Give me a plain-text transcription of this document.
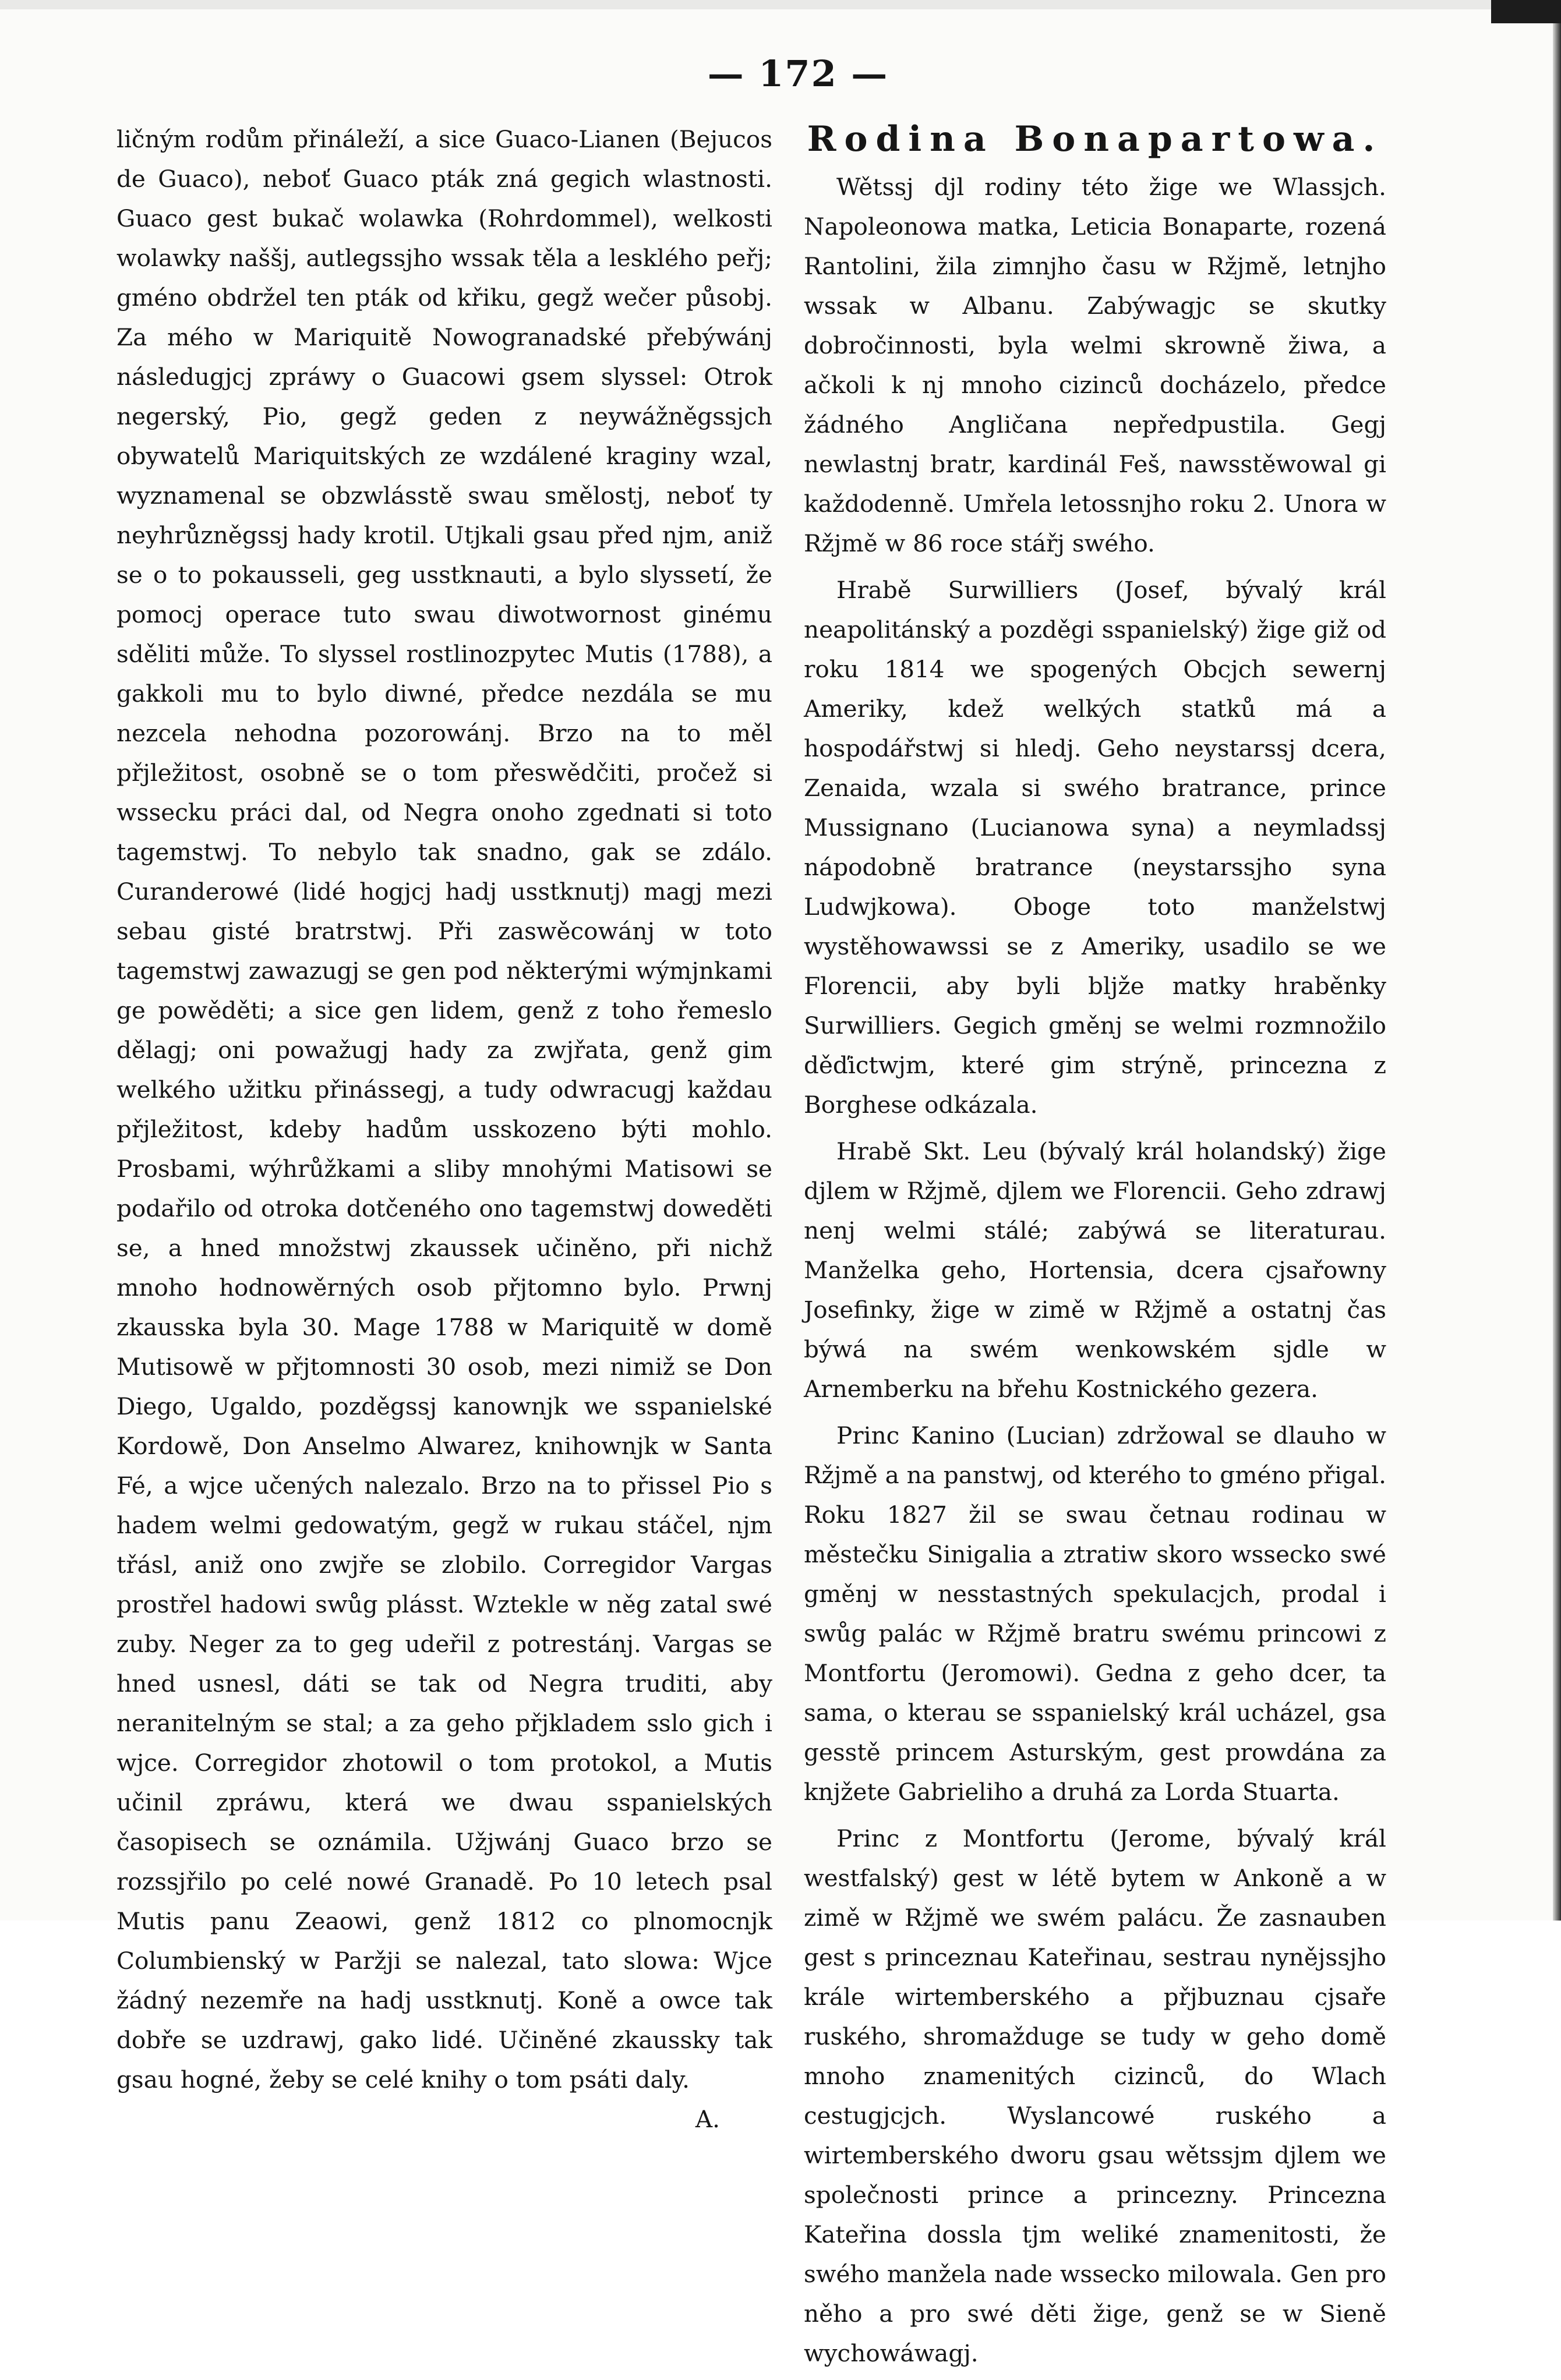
— 172 —

ličným rodům přináleží, a sice Guaco-Lianen (Bejucos de Guaco), neboť Guaco pták zná gegich wlastnosti. Guaco gest bukač wolawka (Rohrdommel), welkosti wolawky naššj, autlegssjho wssak těla a lesklého peřj; gméno obdržel ten pták od křiku, gegž wečer působj. Za mého w Mariquitě Nowogranadské přebýwánj následugjcj zpráwy o Guacowi gsem slyssel: Otrok negerský, Pio, gegž geden z neywážněgssjch obywatelů Mariquitských ze wzdálené kraginy wzal, wyznamenal se obzwlásstě swau smělostj, neboť ty neyhrůzněgssj hady krotil. Utjkali gsau před njm, aniž se o to pokausseli, geg usstknauti, a bylo slyssetí, že pomocj operace tuto swau diwotwornost ginému sděliti může. To slyssel rostlinozpytec Mutis (1788), a gakkoli mu to bylo diwné, předce nezdála se mu nezcela nehodna pozorowánj. Brzo na to měl přjležitost, osobně se o tom přeswědčiti, pročež si wssecku práci dal, od Negra onoho zgednati si toto tagemstwj. To nebylo tak snadno, gak se zdálo. Curanderowé (lidé hogjcj hadj usstknutj) magj mezi sebau gisté bratrstwj. Při zaswěcowánj w toto tagemstwj zawazugj se gen pod některými wýmjnkami ge powěděti; a sice gen lidem, genž z toho řemeslo dělagj; oni powažugj hady za zwjřata, genž gim welkého užitku přinássegj, a tudy odwracugj každau přjležitost, kdeby hadům usskozeno býti mohlo. Prosbami, wýhrůžkami a sliby mnohými Matisowi se podařilo od otroka dotčeného ono tagemstwj doweděti se, a hned množstwj zkaussek učiněno, při nichž mnoho hodnowěrných osob přjtomno bylo. Prwnj zkausska byla 30. Mage 1788 w Mariquitě w domě Mutisowě w přjtomnosti 30 osob, mezi nimiž se Don Diego, Ugaldo, pozděgssj kanownjk we sspanielské Kordowě, Don Anselmo Alwarez, knihownjk w Santa Fé, a wjce učených nalezalo. Brzo na to přissel Pio s hadem welmi gedowatým, gegž w rukau stáčel, njm třásl, aniž ono zwjře se zlobilo. Corregidor Vargas prostřel hadowi swůg plásst. Wztekle w něg zatal swé zuby. Neger za to geg udeřil z potrestánj. Vargas se hned usnesl, dáti se tak od Negra truditi, aby neranitelným se stal; a za geho přjkladem sslo gich i wjce. Corregidor zhotowil o tom protokol, a Mutis učinil zpráwu, která we dwau sspanielských časopisech se oznámila. Užjwánj Guaco brzo se rozssjřilo po celé nowé Granadě. Po 10 letech psal Mutis panu Zeaowi, genž 1812 co plnomocnjk Columbienský w Paržji se nalezal, tato slowa: Wjce žádný nezemře na hadj usstknutj. Koně a owce tak dobře se uzdrawj, gako lidé. Učiněné zkaussky tak gsau hogné, žeby se celé knihy o tom psáti daly.

A.

Rodina Bonapartowa.

Wětssj djl rodiny této žige we Wlassjch. Napoleonowa matka, Leticia Bonaparte, rozená Rantolini, žila zimnjho času w Ržjmě, letnjho wssak w Albanu. Zabýwagjc se skutky dobročinnosti, byla welmi skrowně žiwa, a ačkoli k nj mnoho cizinců docházelo, předce žádného Angličana nepředpustila. Gegj newlastnj bratr, kardinál Feš, nawsstěwowal gi každodenně. Umřela letossnjho roku 2. Unora w Ržjmě w 86 roce stářj swého.

Hrabě Surwilliers (Josef, bývalý král neapolitánský a pozděgi sspanielský) žige giž od roku 1814 we spogených Obcjch sewernj Ameriky, kdež welkých statků má a hospodářstwj si hledj. Geho neystarssj dcera, Zenaida, wzala si swého bratrance, prince Mussignano (Lucianowa syna) a neymladssj nápodobně bratrance (neystarssjho syna Ludwjkowa). Oboge toto manželstwj wystěhowawssi se z Ameriky, usadilo se we Florencii, aby byli bljže matky hraběnky Surwilliers. Gegich gměnj se welmi rozmnožilo děďictwjm, které gim strýně, princezna z Borghese odkázala.

Hrabě Skt. Leu (bývalý král holandský) žige djlem w Ržjmě, djlem we Florencii. Geho zdrawj nenj welmi stálé; zabýwá se literaturau. Manželka geho, Hortensia, dcera cjsařowny Josefinky, žige w zimě w Ržjmě a ostatnj čas býwá na swém wenkowském sjdle w Arnemberku na břehu Kostnického gezera.

Princ Kanino (Lucian) zdržowal se dlauho w Ržjmě a na panstwj, od kterého to gméno přigal. Roku 1827 žil se swau četnau rodinau w městečku Sinigalia a ztratiw skoro wssecko swé gměnj w nesstastných spekulacjch, prodal i swůg palác w Ržjmě bratru swému princowi z Montfortu (Jeromowi). Gedna z geho dcer, ta sama, o kterau se sspanielský král ucházel, gsa gesstě princem Asturským, gest prowdána za knjžete Gabrieliho a druhá za Lorda Stuarta.

Princ z Montfortu (Jerome, bývalý král westfalský) gest w létě bytem w Ankoně a w zimě w Ržjmě we swém palácu. Že zasnauben gest s princeznau Kateřinau, sestrau nynějssjho krále wirtemberského a přjbuznau cjsaře ruského, shromažduge se tudy w geho domě mnoho znamenitých cizinců, do Wlach cestugjcjch. Wyslancowé ruského a wirtemberského dworu gsau wětssjm djlem we společnosti prince a princezny. Princezna Kateřina dossla tjm weliké znamenitosti, že swého manžela nade wssecko milowala. Gen pro něho a pro swé děti žige, genž se w Sieně wychowáwagj.
